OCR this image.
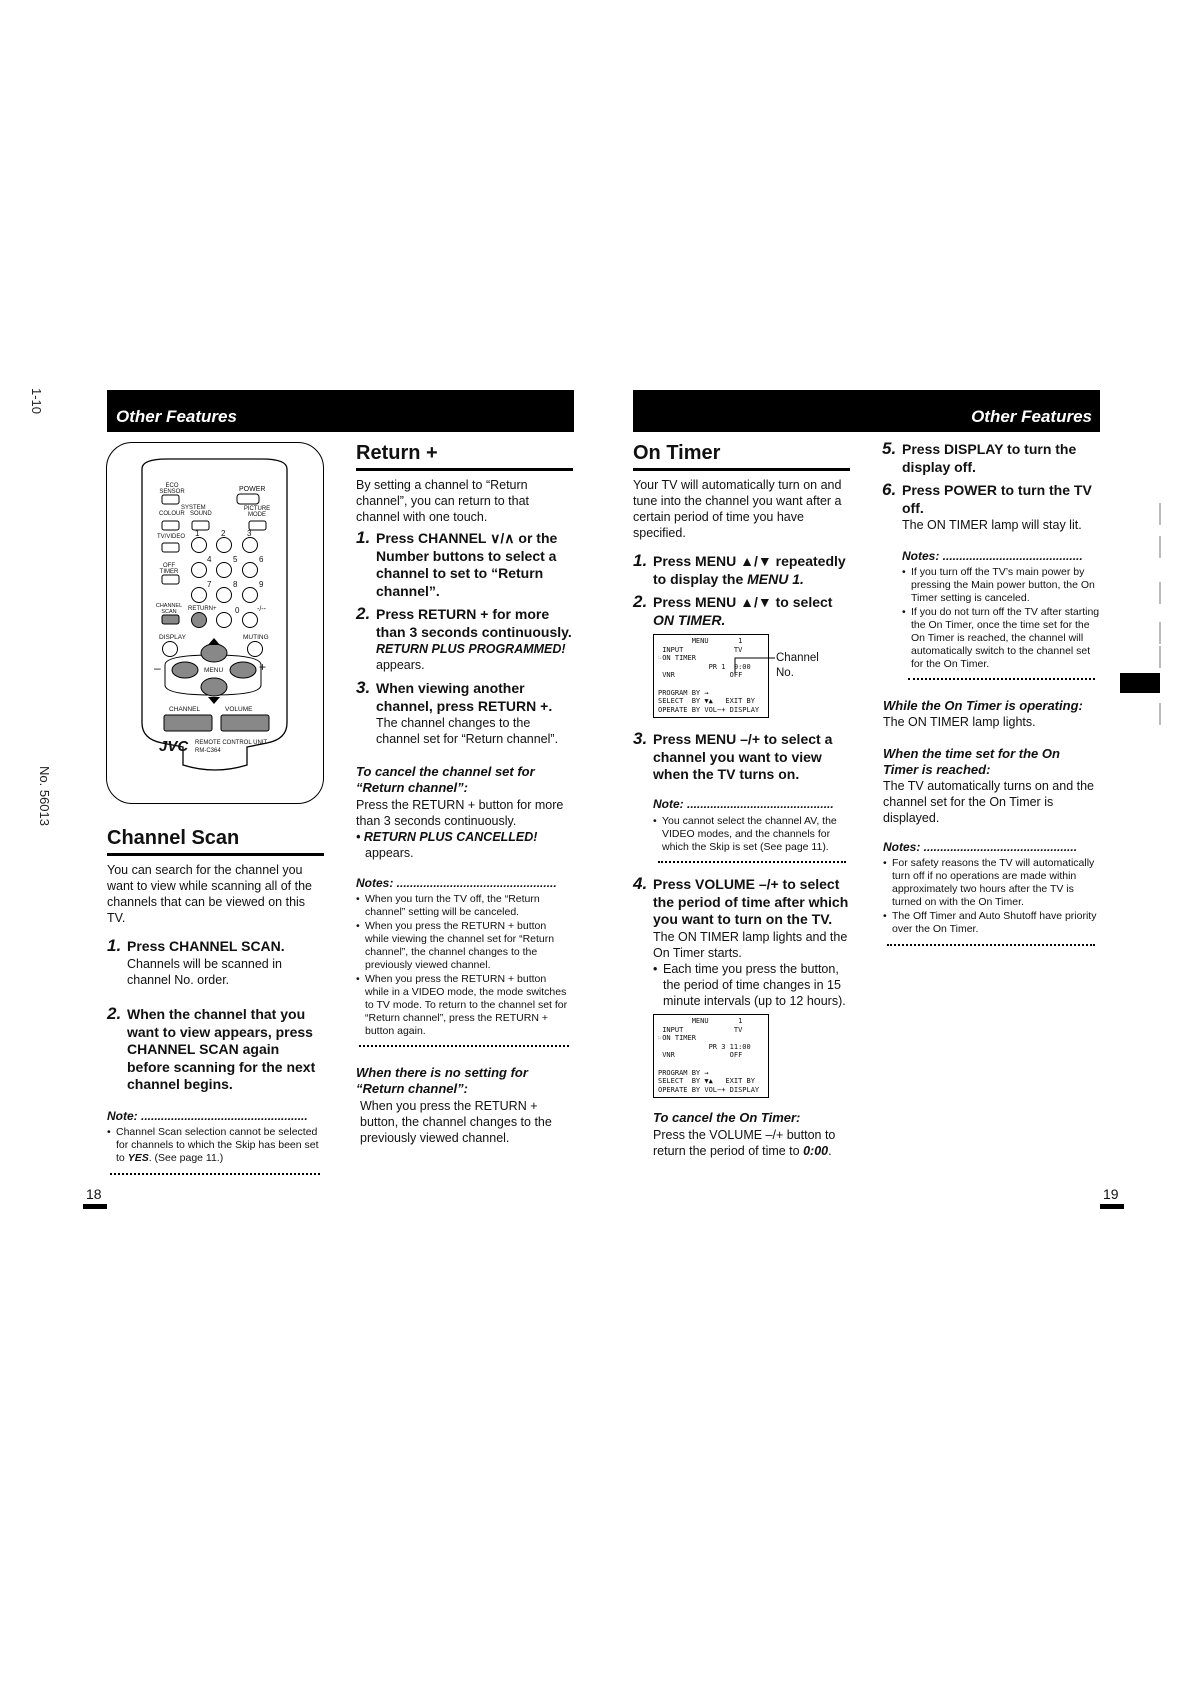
1-10
No. 56013
Other Features
ECO SENSOR	POWER
SYSTEM
COLOUR SOUND
PICTURE MODE
TV/VIDEO 1	2	3
4	5	6
OFF TIMER
7	8	9
CHANNEL SCAN	RETURN+ 0	-/--
DISPLAY	MUTING
–	MENU	+
CHANNEL	VOLUME
JVC REMOTE CONTROL UNIT
RM-C364
Channel Scan
You can search for the channel you want to view while scanning all of the channels that can be viewed on this TV.
1. Press CHANNEL SCAN.
Channels will be scanned in channel No. order.
2. When the channel that you want to view appears, press CHANNEL SCAN again before scanning for the next channel begins.
Note: ..................................................
• Channel Scan selection cannot be selected for channels to which the Skip has been set to YES. (See page 11.)
Return +
By setting a channel to “Return channel”, you can return to that channel with one touch.
1. Press CHANNEL ∨/∧ or the Number buttons to select a channel to set to “Return channel”.
2. Press RETURN + for more than 3 seconds continuously.
RETURN PLUS PROGRAMMED!
appears.
3. When viewing another channel, press RETURN +.
The channel changes to the channel set for “Return channel”.
To cancel the channel set for “Return channel”:
Press the RETURN + button for more than 3 seconds continuously.
• RETURN PLUS CANCELLED!
appears.
Notes: ................................................
• When you turn the TV off, the “Return channel” setting will be canceled.
• When you press the RETURN + button while viewing the channel set for “Return channel”, the channel changes to the previously viewed channel.
• When you press the RETURN + button while in a VIDEO mode, the mode switches to TV mode. To return to the channel set for “Return channel”, press the RETURN + button again.
When there is no setting for “Return channel”:
When you press the RETURN + button, the channel changes to the previously viewed channel.
18
Other Features
On Timer
Your TV will automatically turn on and tune into the channel you want after a certain period of time you have specified.
1. Press MENU ▲/▼ repeatedly to display the MENU 1.
2. Press MENU ▲/▼ to select
ON TIMER.
MENU       1
INPUT            TV
☞ON TIMER
PR 1  0:00
VNR             OFF

PROGRAM BY →
SELECT  BY ▼▲   EXIT BY
OPERATE BY VOL−+ DISPLAY
Channel No.
3. Press MENU –/+ to select a channel you want to view when the TV turns on.
Note: ............................................
• You cannot select the channel AV, the VIDEO modes, and the channels for which the Skip is set (See page 11).
4. Press VOLUME –/+ to select the period of time after which you want to turn on the TV.
The ON TIMER lamp lights and the On Timer starts.
• Each time you press the button, the period of time changes in 15 minute intervals (up to 12 hours).
MENU       1
INPUT            TV
☞ON TIMER
PR 3 11:00
VNR             OFF

PROGRAM BY →
SELECT  BY ▼▲   EXIT BY
OPERATE BY VOL−+ DISPLAY
To cancel the On Timer:
Press the VOLUME –/+ button to return the period of time to 0:00.
5. Press DISPLAY to turn the display off.
6. Press POWER to turn the TV off.
The ON TIMER lamp will stay lit.
Notes: ..........................................
• If you turn off the TV’s main power by pressing the Main power button, the On Timer setting is canceled.
• If you do not turn off the TV after starting the On Timer, once the time set for the On Timer is reached, the channel will automatically switch to the channel set for the On Timer.
While the On Timer is operating:
The ON TIMER lamp lights.
When the time set for the On Timer is reached:
The TV automatically turns on and the channel set for the On Timer is displayed.
Notes: ..............................................
• For safety reasons the TV will automatically turn off if no operations are made within approximately two hours after the TV is turned on with the On Timer.
• The Off Timer and Auto Shutoff have priority over the On Timer.
19
